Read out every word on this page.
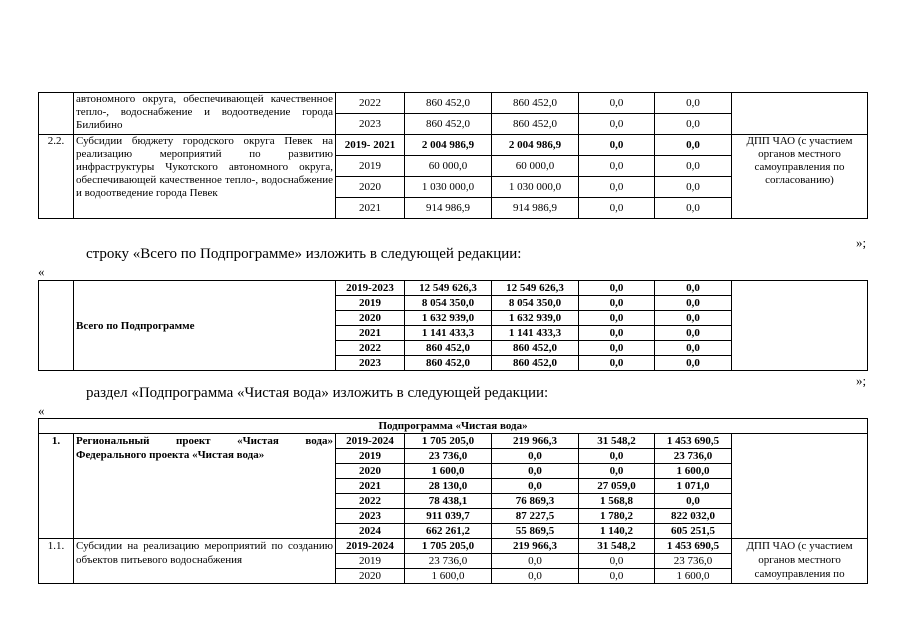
	автономного округа, обеспечивающей качественное тепло-, водоснабжение и водоотведение города Билибино	2022	860 452,0	860 452,0	0,0	0,0	
		2023	860 452,0	860 452,0	0,0	0,0	
2.2.	Субсидии бюджету городского округа Певек на реализацию мероприятий по развитию инфраструктуры Чукотского автономного округа, обеспечивающей качественное тепло-, водоснабжение и водоотведение города Певек	2019- 2021	2 004 986,9	2 004 986,9	0,0	0,0	ДПП ЧАО (с участием органов местного самоуправления по согласованию)
		2019	60 000,0	60 000,0	0,0	0,0	
		2020	1 030 000,0	1 030 000,0	0,0	0,0	
		2021	914 986,9	914 986,9	0,0	0,0	
»;
строку «Всего по Подпрограмме» изложить в следующей редакции:
«
	Всего по Подпрограмме	2019-2023	12 549 626,3	12 549 626,3	0,0	0,0	
		2019	8 054 350,0	8 054 350,0	0,0	0,0	
		2020	1 632 939,0	1 632 939,0	0,0	0,0	
		2021	1 141 433,3	1 141 433,3	0,0	0,0	
		2022	860 452,0	860 452,0	0,0	0,0	
		2023	860 452,0	860 452,0	0,0	0,0	
»;
раздел «Подпрограмма «Чистая вода» изложить в следующей редакции:
«
Подпрограмма «Чистая вода»							
1.	Региональный проект «Чистая вода» Федерального проекта «Чистая вода»	2019-2024	1 705 205,0	219 966,3	31 548,2	1 453 690,5	
		2019	23 736,0	0,0	0,0	23 736,0	
		2020	1 600,0	0,0	0,0	1 600,0	
		2021	28 130,0	0,0	27 059,0	1 071,0	
		2022	78 438,1	76 869,3	1 568,8	0,0	
		2023	911 039,7	87 227,5	1 780,2	822 032,0	
		2024	662 261,2	55 869,5	1 140,2	605 251,5	
1.1.	Субсидии на реализацию мероприятий по созданию объектов питьевого водоснабжения	2019-2024	1 705 205,0	219 966,3	31 548,2	1 453 690,5	ДПП ЧАО (с участием органов местного самоуправления по
		2019	23 736,0	0,0	0,0	23 736,0	
		2020	1 600,0	0,0	0,0	1 600,0	
